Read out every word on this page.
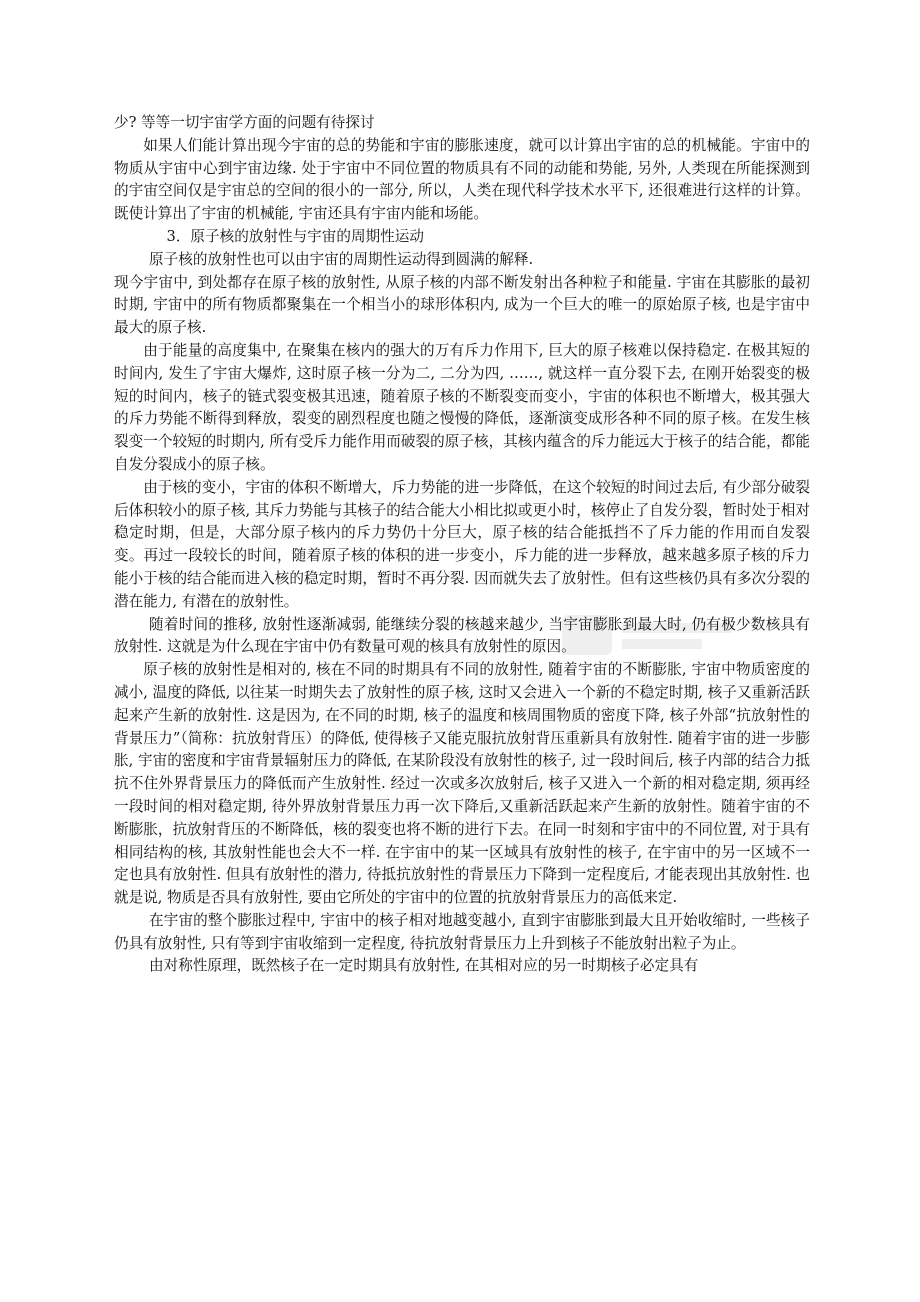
少? 等等一切宇宙学方面的问题有待探讨

如果人们能计算出现今宇宙的总的势能和宇宙的膨胀速度，就可以计算出宇宙的总的机械能。宇宙中的物质从宇宙中心到宇宙边缘. 处于宇宙中不同位置的物质具有不同的动能和势能, 另外, 人类现在所能探测到的宇宙空间仅是宇宙总的空间的很小的一部分, 所以，人类在现代科学技术水平下, 还很难进行这样的计算。既使计算出了宇宙的机械能, 宇宙还具有宇宙内能和场能。

3．原子核的放射性与宇宙的周期性运动

原子核的放射性也可以由宇宙的周期性运动得到圆满的解释.

现今宇宙中, 到处都存在原子核的放射性, 从原子核的内部不断发射出各种粒子和能量. 宇宙在其膨胀的最初时期, 宇宙中的所有物质都聚集在一个相当小的球形体积内, 成为一个巨大的唯一的原始原子核, 也是宇宙中最大的原子核.

由于能量的高度集中, 在聚集在核内的强大的万有斥力作用下, 巨大的原子核难以保持稳定. 在极其短的时间内, 发生了宇宙大爆炸, 这时原子核一分为二, 二分为四, ……, 就这样一直分裂下去, 在刚开始裂变的极短的时间内，核子的链式裂变极其迅速，随着原子核的不断裂变而变小，宇宙的体积也不断增大，极其强大的斥力势能不断得到释放，裂变的剧烈程度也随之慢慢的降低，逐渐演变成形各种不同的原子核。在发生核裂变一个较短的时期内, 所有受斥力能作用而破裂的原子核，其核内蕴含的斥力能远大于核子的结合能，都能自发分裂成小的原子核。

由于核的变小，宇宙的体积不断增大，斥力势能的进一步降低，在这个较短的时间过去后, 有少部分破裂后体积较小的原子核, 其斥力势能与其核子的结合能大小相比拟或更小时，核停止了自发分裂，暂时处于相对稳定时期，但是，大部分原子核内的斥力势仍十分巨大，原子核的结合能抵挡不了斥力能的作用而自发裂变。再过一段较长的时间，随着原子核的体积的进一步变小，斥力能的进一步释放，越来越多原子核的斥力能小于核的结合能而进入核的稳定时期，暂时不再分裂. 因而就失去了放射性。但有这些核仍具有多次分裂的潜在能力, 有潜在的放射性。

随着时间的推移, 放射性逐渐减弱, 能继续分裂的核越来越少, 当宇宙膨胀到最大时, 仍有极少数核具有放射性. 这就是为什么现在宇宙中仍有数量可观的核具有放射性的原因。

原子核的放射性是相对的, 核在不同的时期具有不同的放射性, 随着宇宙的不断膨胀, 宇宙中物质密度的减小, 温度的降低, 以往某一时期失去了放射性的原子核, 这时又会进入一个新的不稳定时期, 核子又重新活跃起来产生新的放射性. 这是因为, 在不同的时期, 核子的温度和核周围物质的密度下降, 核子外部“抗放射性的背景压力”（简称：抗放射背压）的降低, 使得核子又能克服抗放射背压重新具有放射性. 随着宇宙的进一步膨胀, 宇宙的密度和宇宙背景辐射压力的降低, 在某阶段没有放射性的核子, 过一段时间后, 核子内部的结合力抵抗不住外界背景压力的降低而产生放射性. 经过一次或多次放射后, 核子又进入一个新的相对稳定期, 须再经一段时间的相对稳定期, 待外界放射背景压力再一次下降后,又重新活跃起来产生新的放射性。随着宇宙的不断膨胀，抗放射背压的不断降低，核的裂变也将不断的进行下去。在同一时刻和宇宙中的不同位置, 对于具有相同结构的核, 其放射性能也会大不一样. 在宇宙中的某一区域具有放射性的核子, 在宇宙中的另一区域不一定也具有放射性. 但具有放射性的潜力, 待抵抗放射性的背景压力下降到一定程度后, 才能表现出其放射性. 也就是说, 物质是否具有放射性, 要由它所处的宇宙中的位置的抗放射背景压力的高低来定.

在宇宙的整个膨胀过程中, 宇宙中的核子相对地越变越小, 直到宇宙膨胀到最大且开始收缩时, 一些核子仍具有放射性, 只有等到宇宙收缩到一定程度, 待抗放射背景压力上升到核子不能放射出粒子为止。

由对称性原理，既然核子在一定时期具有放射性, 在其相对应的另一时期核子必定具有
